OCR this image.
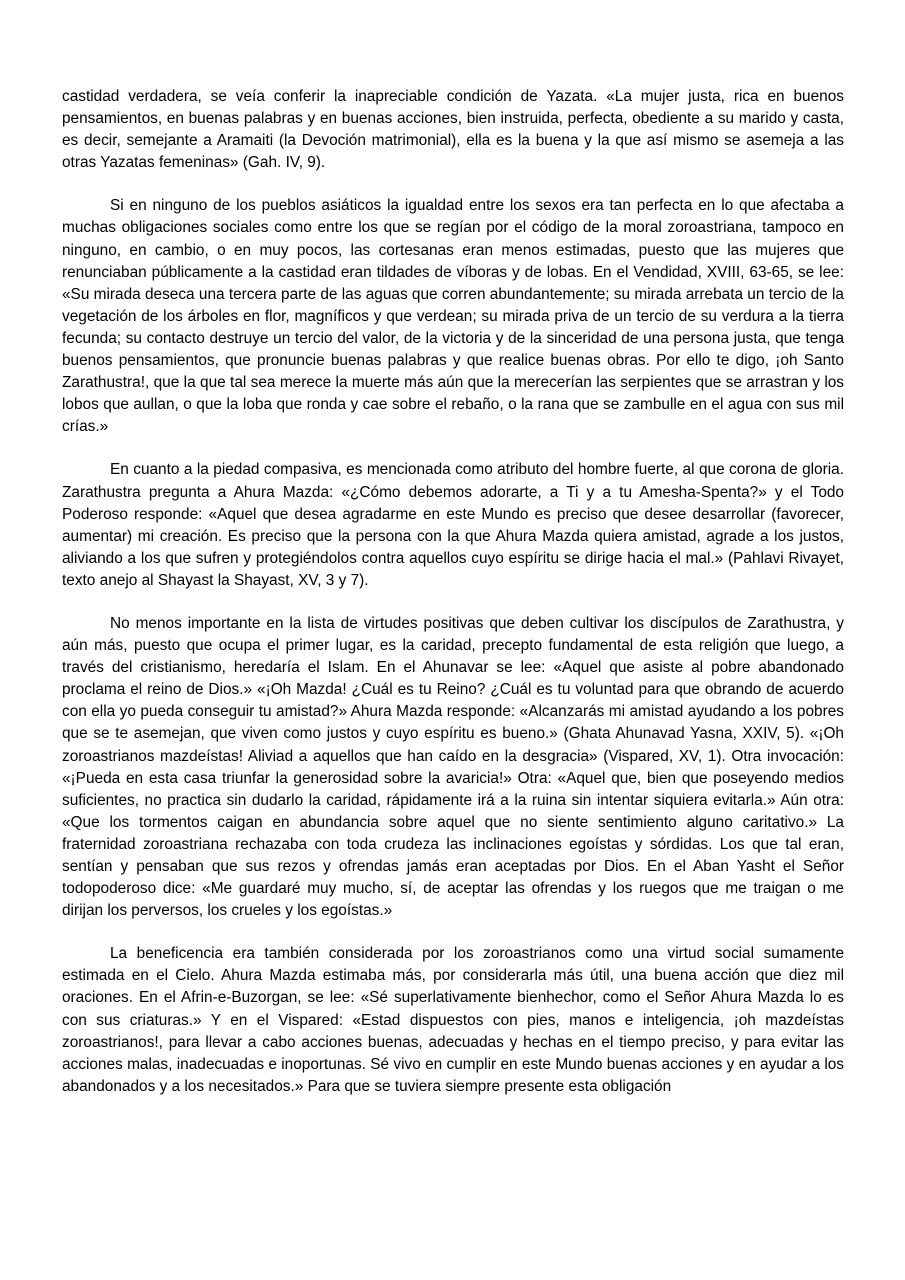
castidad verdadera, se veía conferir la inapreciable condición de Yazata. «La mujer justa, rica en buenos pensamientos, en buenas palabras y en buenas acciones, bien instruida, perfecta, obediente a su marido y casta, es decir, semejante a Aramaiti (la Devoción matrimonial), ella es la buena y la que así mismo se asemeja a las otras Yazatas femeninas» (Gah. IV, 9).

Si en ninguno de los pueblos asiáticos la igualdad entre los sexos era tan perfecta en lo que afectaba a muchas obligaciones sociales como entre los que se regían por el código de la moral zoroastriana, tampoco en ninguno, en cambio, o en muy pocos, las cortesanas eran menos estimadas, puesto que las mujeres que renunciaban públicamente a la castidad eran tildades de víboras y de lobas. En el Vendidad, XVIII, 63-65, se lee: «Su mirada deseca una tercera parte de las aguas que corren abundantemente; su mirada arrebata un tercio de la vegetación de los árboles en flor, magníficos y que verdean; su mirada priva de un tercio de su verdura a la tierra fecunda; su contacto destruye un tercio del valor, de la victoria y de la sinceridad de una persona justa, que tenga buenos pensamientos, que pronuncie buenas palabras y que realice buenas obras. Por ello te digo, ¡oh Santo Zarathustra!, que la que tal sea merece la muerte más aún que la merecerían las serpientes que se arrastran y los lobos que aullan, o que la loba que ronda y cae sobre el rebaño, o la rana que se zambulle en el agua con sus mil crías.»

En cuanto a la piedad compasiva, es mencionada como atributo del hombre fuerte, al que corona de gloria. Zarathustra pregunta a Ahura Mazda: «¿Cómo debemos adorarte, a Ti y a tu Amesha-Spenta?» y el Todo Poderoso responde: «Aquel que desea agradarme en este Mundo es preciso que desee desarrollar (favorecer, aumentar) mi creación. Es preciso que la persona con la que Ahura Mazda quiera amistad, agrade a los justos, aliviando a los que sufren y protegiéndolos contra aquellos cuyo espíritu se dirige hacia el mal.» (Pahlavi Rivayet, texto anejo al Shayast la Shayast, XV, 3 y 7).

No menos importante en la lista de virtudes positivas que deben cultivar los discípulos de Zarathustra, y aún más, puesto que ocupa el primer lugar, es la caridad, precepto fundamental de esta religión que luego, a través del cristianismo, heredaría el Islam. En el Ahunavar se lee: «Aquel que asiste al pobre abandonado proclama el reino de Dios.» «¡Oh Mazda! ¿Cuál es tu Reino? ¿Cuál es tu voluntad para que obrando de acuerdo con ella yo pueda conseguir tu amistad?» Ahura Mazda responde: «Alcanzarás mi amistad ayudando a los pobres que se te asemejan, que viven como justos y cuyo espíritu es bueno.» (Ghata Ahunavad Yasna, XXIV, 5). «¡Oh zoroastrianos mazdeístas! Aliviad a aquellos que han caído en la desgracia» (Vispared, XV, 1). Otra invocación: «¡Pueda en esta casa triunfar la generosidad sobre la avaricia!» Otra: «Aquel que, bien que poseyendo medios suficientes, no practica sin dudarlo la caridad, rápidamente irá a la ruina sin intentar siquiera evitarla.» Aún otra: «Que los tormentos caigan en abundancia sobre aquel que no siente sentimiento alguno caritativo.» La fraternidad zoroastriana rechazaba con toda crudeza las inclinaciones egoístas y sórdidas. Los que tal eran, sentían y pensaban que sus rezos y ofrendas jamás eran aceptadas por Dios. En el Aban Yasht el Señor todopoderoso dice: «Me guardaré muy mucho, sí, de aceptar las ofrendas y los ruegos que me traigan o me dirijan los perversos, los crueles y los egoístas.»

La beneficencia era también considerada por los zoroastrianos como una virtud social sumamente estimada en el Cielo. Ahura Mazda estimaba más, por considerarla más útil, una buena acción que diez mil oraciones. En el Afrin-e-Buzorgan, se lee: «Sé superlativamente bienhechor, como el Señor Ahura Mazda lo es con sus criaturas.» Y en el Vispared: «Estad dispuestos con pies, manos e inteligencia, ¡oh mazdeístas zoroastrianos!, para llevar a cabo acciones buenas, adecuadas y hechas en el tiempo preciso, y para evitar las acciones malas, inadecuadas e inoportunas. Sé vivo en cumplir en este Mundo buenas acciones y en ayudar a los abandonados y a los necesitados.» Para que se tuviera siempre presente esta obligación
